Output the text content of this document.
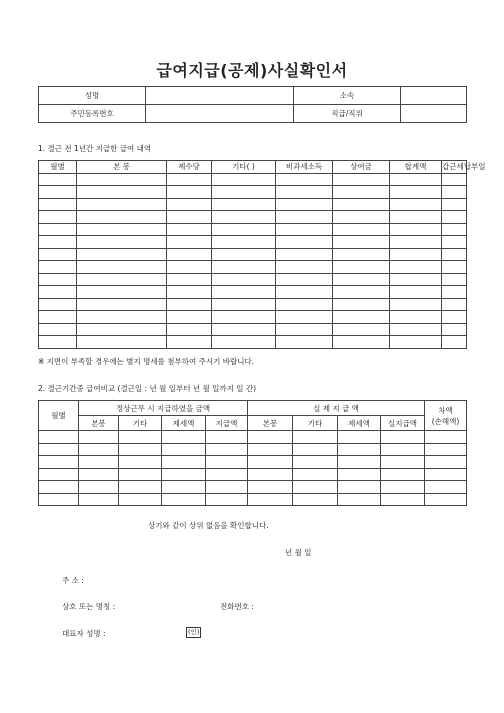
급여지급(공제)사실확인서
성명		소속	
주민등록번호		직급/직위	
1. 결근 전 1년간 지급한 급여 내역
월별	본 봉	제수당	기타( )	비과세소득	상여금	합계액	갑근세납부일

※ 지면이 부족할 경우에는 별지 명세를 첨부하여 주시기 바랍니다.
2. 결근기간중 급여비교 (결근일 : 년 월 일부터 년 월 일까지 일 간)
월별	정상근무 시 지급하였을 금액				실 제 지 급 액				차액
(손해액)

	본봉	기타	제세액	지급액	본봉	기타	제세액	실지급액	

상기와 같이 상위 없음을 확인합니다.
년 월 일
주 소 :
상호 또는 명칭 :	전화번호 :
대표자 성명 :	(인)
